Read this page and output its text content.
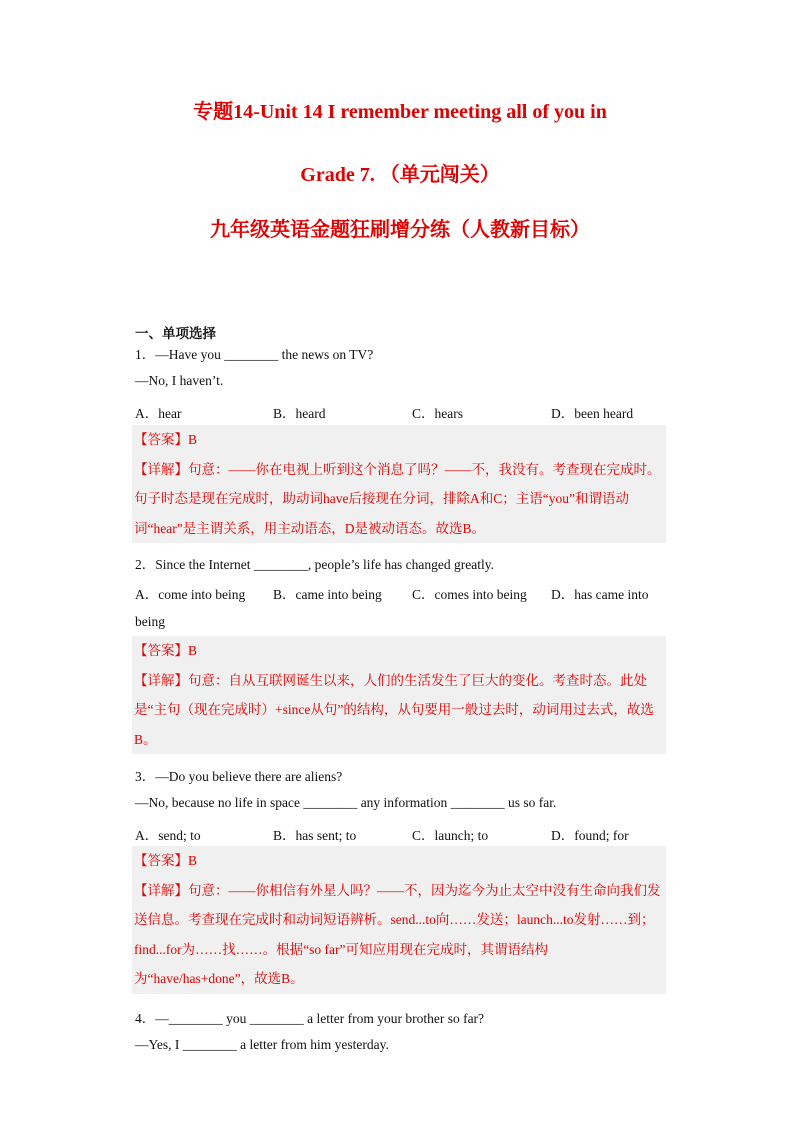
专题14-Unit 14 I remember meeting all of you in
Grade 7. （单元闯关）
九年级英语金题狂刷增分练（人教新目标）
一、单项选择
1．—Have you ________ the news on TV?
—No, I haven’t.
A．hear	B．heard	C．hears	D．been heard

【答案】B

【详解】句意：——你在电视上听到这个消息了吗？——不，我没有。考查现在完成时。句子时态是现在完成时，助动词have后接现在分词，排除A和C；主语“you”和谓语动词“hear”是主谓关系，用主动语态，D是被动语态。故选B。

2．Since the Internet ________, people’s life has changed greatly.
A．come into being B．came into being C．comes into being D．has came into
being

【答案】B

【详解】句意：自从互联网诞生以来，人们的生活发生了巨大的变化。考查时态。此处是“主句（现在完成时）+since从句”的结构，从句要用一般过去时，动词用过去式，故选B。

3．—Do you believe there are aliens?
—No, because no life in space ________ any information ________ us so far.
A．send; to	B．has sent; to	C．launch; to	D．found; for

【答案】B

【详解】句意：——你相信有外星人吗？——不，因为迄今为止太空中没有生命向我们发送信息。考查现在完成时和动词短语辨析。send...to向……发送；launch...to发射……到；find...for为……找……。根据“so far”可知应用现在完成时，其谓语结构为“have/has+done”，故选B。

4．—________ you ________ a letter from your brother so far?
—Yes, I ________ a letter from him yesterday.
